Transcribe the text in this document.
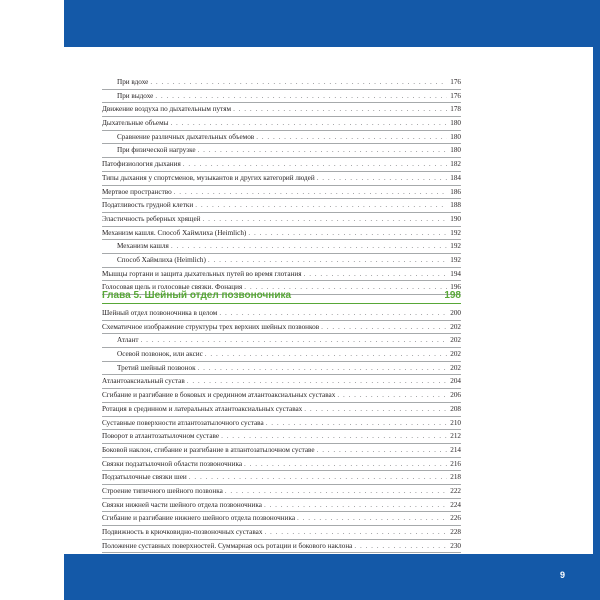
При вдохе . . .	176
При выдохе . . .	176
Движение воздуха по дыхательным путям . . .	178
Дыхательные объемы . . .	180
Сравнение различных дыхательных объемов . . .	180
При физической нагрузке . . .	180
Патофизиология дыхания . . .	182
Типы дыхания у спортсменов, музыкантов и других категорий людей . . .	184
Мертвое пространство . . .	186
Податливость грудной клетки . . .	188
Эластичность реберных хрящей . . .	190
Механизм кашля. Способ Хаймлиха (Heimlich) . . .	192
Механизм кашля . . .	192
Способ Хаймлиха (Heimlich) . . .	192
Мышцы гортани и защита дыхательных путей во время глотания . . .	194
Голосовая щель и голосовые связки. Фонация . . .	196
Глава 5. Шейный отдел позвоночника	198
Шейный отдел позвоночника в целом . . .	200
Схематичное изображение структуры трех верхних шейных позвонков . . .	202
Атлант . . .	202
Осевой позвонок, или аксис . . .	202
Третий шейный позвонок . . .	202
Атлантоаксиальный сустав . . .	204
Сгибание и разгибание в боковых и срединном атлантоаксиальных суставах . . .	206
Ротация в срединном и латеральных атлантоаксиальных суставах . . .	208
Суставные поверхности атлантозатылочного сустава . . .	210
Поворот в атлантозатылочном суставе . . .	212
Боковой наклон, сгибание и разгибание в атлантозатылочном суставе . . .	214
Связки подзатылочной области позвоночника . . .	216
Подзатылочные связки шеи . . .	218
Строение типичного шейного позвонка . . .	222
Связки нижней части шейного отдела позвоночника . . .	224
Сгибание и разгибание нижнего шейного отдела позвоночника . . .	226
Подвижность в крючковидно-позвоночных суставах . . .	228
Положение суставных поверхностей. Суммарная ось ротации и бокового наклона . . .	230
. . .
. . .
9
